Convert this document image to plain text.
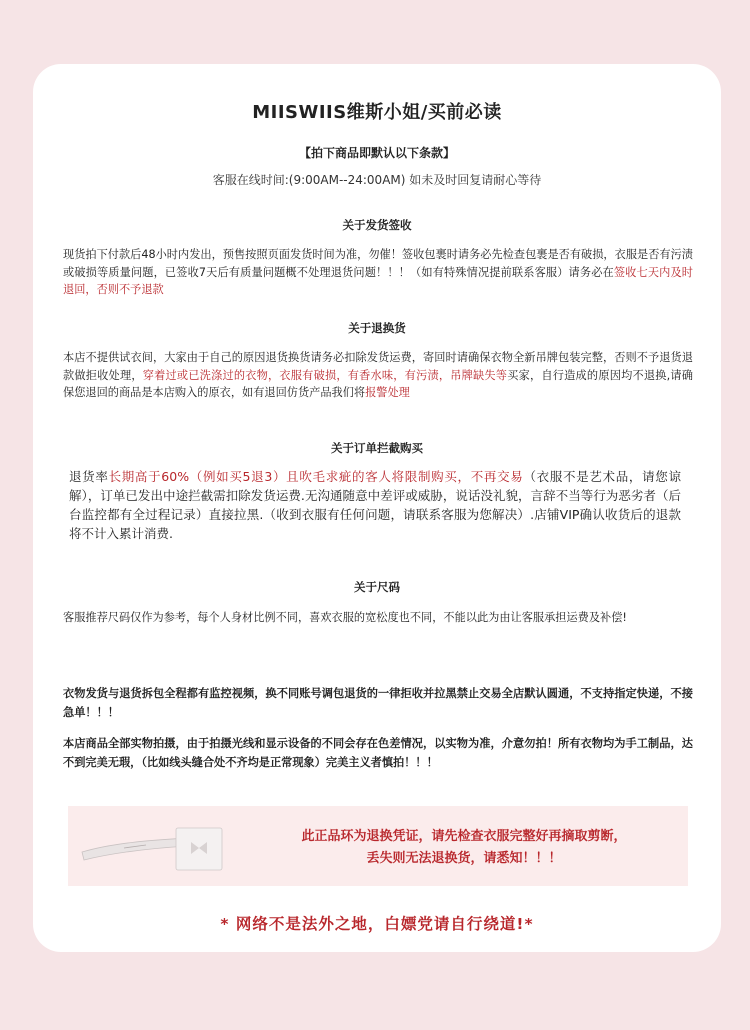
MIISWIIS维斯小姐/买前必读
【拍下商品即默认以下条款】
客服在线时间:(9:00AM--24:00AM) 如未及时回复请耐心等待
关于发货签收
现货拍下付款后48小时内发出，预售按照页面发货时间为准，勿催！签收包裹时请务必先检查包裹是否有破损，衣服是否有污渍或破损等质量问题，已签收7天后有质量问题概不处理退货问题！！！（如有特殊情况提前联系客服）请务必在签收七天内及时退回，否则不予退款
关于退换货
本店不提供试衣间，大家由于自己的原因退货换货请务必扣除发货运费，寄回时请确保衣物全新吊牌包装完整，否则不予退货退款做拒收处理，穿着过或已洗涤过的衣物，衣服有破损，有香水味，有污渍，吊牌缺失等买家，自行造成的原因均不退换,请确保您退回的商品是本店购入的原衣，如有退回仿货产品我们将报警处理
关于订单拦截购买
退货率长期高于60%（例如买5退3）且吹毛求疵的客人将限制购买，不再交易（衣服不是艺术品，请您谅解），订单已发出中途拦截需扣除发货运费.无沟通随意中差评或威胁，说话没礼貌，言辞不当等行为恶劣者（后台监控都有全过程记录）直接拉黑.（收到衣服有任何问题，请联系客服为您解决）.店铺VIP确认收货后的退款将不计入累计消费.
关于尺码
客服推荐尺码仅作为参考，每个人身材比例不同，喜欢衣服的宽松度也不同，不能以此为由让客服承担运费及补偿!
衣物发货与退货拆包全程都有监控视频，换不同账号调包退货的一律拒收并拉黑禁止交易全店默认圆通，不支持指定快递，不接急单！！！
本店商品全部实物拍摄，由于拍摄光线和显示设备的不同会存在色差情况，以实物为准，介意勿拍！所有衣物均为手工制品，达不到完美无瑕，（比如线头缝合处不齐均是正常现象）完美主义者慎拍！！！
此正品环为退换凭证，请先检查衣服完整好再摘取剪断，
丢失则无法退换货，请悉知！！！
* 网络不是法外之地，白嫖党请自行绕道!*
